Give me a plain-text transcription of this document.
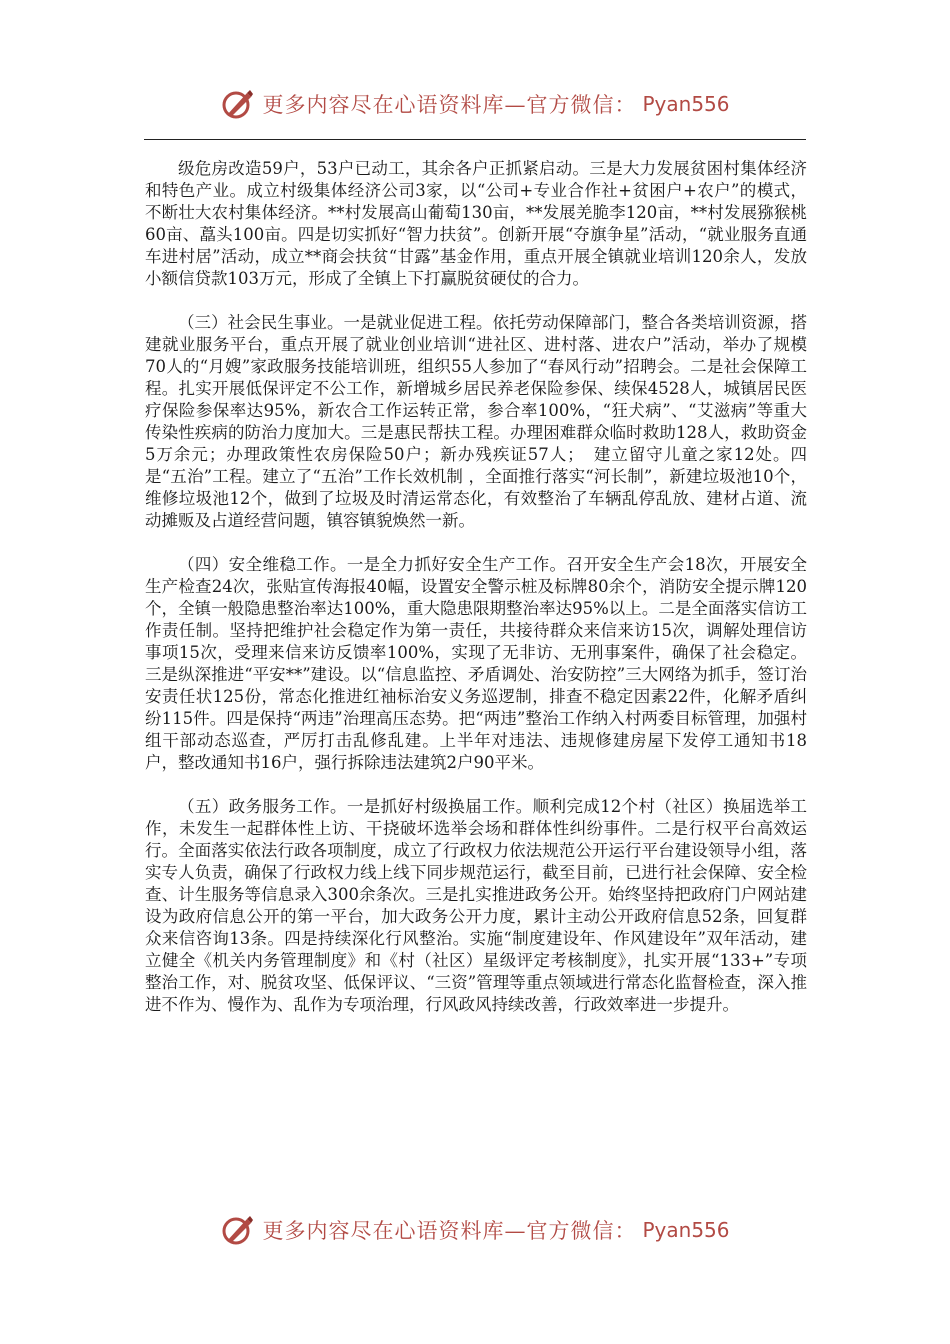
更多内容尽在心语资料库—官方微信： Pyan556

级危房改造59户，53户已动工，其余各户正抓紧启动。三是大力发展贫困村集体经济和特色产业。成立村级集体经济公司3家，以“公司+专业合作社+贫困户+农户”的模式，不断壮大农村集体经济。**村发展高山葡萄130亩，**发展羌脆李120亩，**村发展猕猴桃60亩、藠头100亩。四是切实抓好“智力扶贫”。创新开展“夺旗争星”活动，“就业服务直通车进村居”活动，成立**商会扶贫“甘露”基金作用，重点开展全镇就业培训120余人，发放小额信贷款103万元，形成了全镇上下打赢脱贫硬仗的合力。

（三）社会民生事业。一是就业促进工程。依托劳动保障部门，整合各类培训资源，搭建就业服务平台，重点开展了就业创业培训“进社区、进村落、进农户”活动，举办了规模70人的“月嫂”家政服务技能培训班，组织55人参加了“春风行动”招聘会。二是社会保障工程。扎实开展低保评定不公工作，新增城乡居民养老保险参保、续保4528人，城镇居民医疗保险参保率达95%，新农合工作运转正常，参合率100%，“狂犬病”、“艾滋病”等重大传染性疾病的防治力度加大。三是惠民帮扶工程。办理困难群众临时救助128人，救助资金5万余元；办理政策性农房保险50户；新办残疾证57人；　建立留守儿童之家12处。四是“五治”工程。建立了“五治”工作长效机制 ，全面推行落实“河长制”，新建垃圾池10个，维修垃圾池12个，做到了垃圾及时清运常态化，有效整治了车辆乱停乱放、建材占道、流动摊贩及占道经营问题，镇容镇貌焕然一新。

（四）安全维稳工作。一是全力抓好安全生产工作。召开安全生产会18次，开展安全生产检查24次，张贴宣传海报40幅，设置安全警示桩及标牌80余个，消防安全提示牌120个，全镇一般隐患整治率达100%，重大隐患限期整治率达95%以上。二是全面落实信访工作责任制。坚持把维护社会稳定作为第一责任，共接待群众来信来访15次，调解处理信访事项15次，受理来信来访反馈率100%，实现了无非访、无刑事案件，确保了社会稳定。三是纵深推进“平安**”建设。以“信息监控、矛盾调处、治安防控”三大网络为抓手，签订治安责任状125份，常态化推进红袖标治安义务巡逻制，排查不稳定因素22件，化解矛盾纠纷115件。四是保持“两违”治理高压态势。把“两违”整治工作纳入村两委目标管理，加强村组干部动态巡查，严厉打击乱修乱建。上半年对违法、违规修建房屋下发停工通知书18户，整改通知书16户，强行拆除违法建筑2户90平米。

（五）政务服务工作。一是抓好村级换届工作。顺利完成12个村（社区）换届选举工作，未发生一起群体性上访、干挠破坏选举会场和群体性纠纷事件。二是行权平台高效运行。全面落实依法行政各项制度，成立了行政权力依法规范公开运行平台建设领导小组，落实专人负责，确保了行政权力线上线下同步规范运行，截至目前，已进行社会保障、安全检查、计生服务等信息录入300余条次。三是扎实推进政务公开。始终坚持把政府门户网站建设为政府信息公开的第一平台，加大政务公开力度，累计主动公开政府信息52条，回复群众来信咨询13条。四是持续深化行风整治。实施“制度建设年、作风建设年”双年活动，建立健全《机关内务管理制度》和《村（社区）星级评定考核制度》，扎实开展“133+”专项整治工作，对、脱贫攻坚、低保评议、“三资”管理等重点领域进行常态化监督检查，深入推进不作为、慢作为、乱作为专项治理，行风政风持续改善，行政效率进一步提升。

更多内容尽在心语资料库—官方微信： Pyan556
